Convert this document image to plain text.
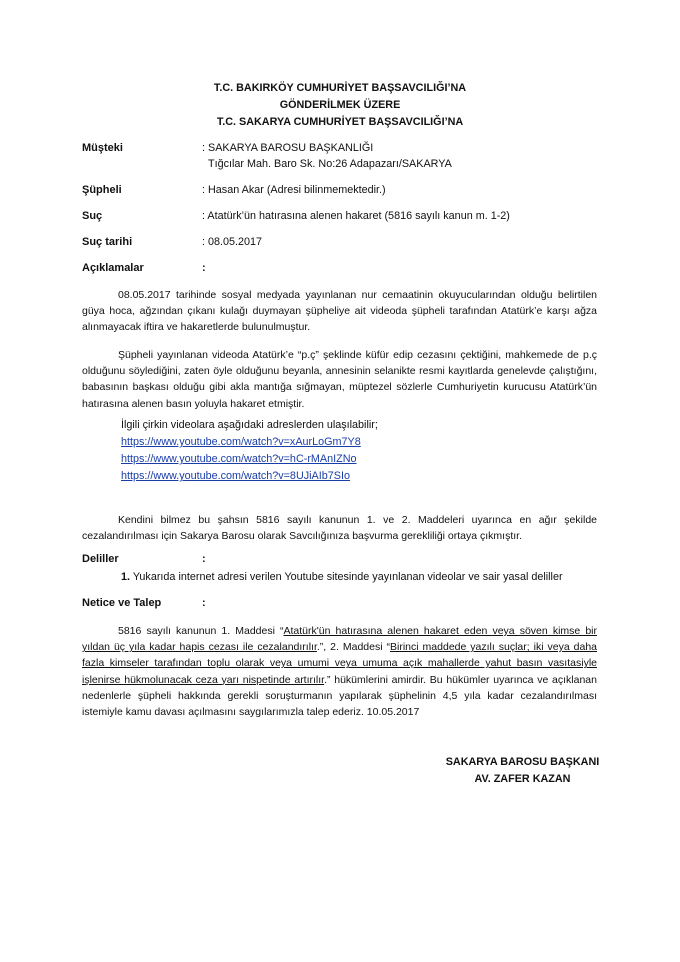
T.C. BAKIRKÖY CUMHURİYET BAŞSAVCILIĞI’NA
GÖNDERİLMEK ÜZERE
T.C. SAKARYA CUMHURİYET BAŞSAVCILIĞI’NA
Müşteki	: SAKARYA BAROSU BAŞKANLIĞI
Tığcılar Mah. Baro Sk. No:26 Adapazarı/SAKARYA
Şüpheli	: Hasan Akar (Adresi bilinmemektedir.)
Suç	: Atatürk’ün hatırasına alenen hakaret (5816 sayılı kanun m. 1-2)
Suç tarihi	: 08.05.2017
Açıklamalar	:
08.05.2017 tarihinde sosyal medyada yayınlanan nur cemaatinin okuyucularından olduğu belirtilen güya hoca, ağzından çıkanı kulağı duymayan şüpheliye ait videoda şüpheli tarafından Atatürk’e karşı ağza alınmayacak iftira ve hakaretlerde bulunulmuştur.
Şüpheli yayınlanan videoda Atatürk’e “p.ç” şeklinde küfür edip cezasını çektiğini, mahkemede de p.ç olduğunu söylediğini, zaten öyle olduğunu beyanla, annesinin selanikte resmi kayıtlarda genelevde çalıştığını, babasının başkası olduğu gibi akla mantığa sığmayan, müptezel sözlerle Cumhuriyetin kurucusu Atatürk’ün hatırasına alenen basın yoluyla hakaret etmiştir.
İlgili çirkin videolara aşağıdaki adreslerden ulaşılabilir;
https://www.youtube.com/watch?v=xAurLoGm7Y8
https://www.youtube.com/watch?v=hC-rMAnIZNo
https://www.youtube.com/watch?v=8UJiAIb7SIo
Kendini bilmez bu şahsın 5816 sayılı kanunun 1. ve 2. Maddeleri uyarınca en ağır şekilde cezalandırılması için Sakarya Barosu olarak Savcılığınıza başvurma gerekliliği ortaya çıkmıştır.
Deliller	:
1. Yukarıda internet adresi verilen Youtube sitesinde yayınlanan videolar ve sair yasal deliller
Netice ve Talep	:
5816 sayılı kanunun 1. Maddesi “Atatürk'ün hatırasına alenen hakaret eden veya söven kimse bir yıldan üç yıla kadar hapis cezası ile cezalandırılır.”, 2. Maddesi “Birinci maddede yazılı suçlar; iki veya daha fazla kimseler tarafından toplu olarak veya umumi veya umuma açık mahallerde yahut basın vasıtasiyle işlenirse hükmolunacak ceza yarı nispetinde artırılır.” hükümlerini amirdir. Bu hükümler uyarınca ve açıklanan nedenlerle şüpheli hakkında gerekli soruşturmanın yapılarak şüphelinin 4,5 yıla kadar cezalandırılması istemiyle kamu davası açılmasını saygılarımızla talep ederiz. 10.05.2017
SAKARYA BAROSU BAŞKANI
AV. ZAFER KAZAN
